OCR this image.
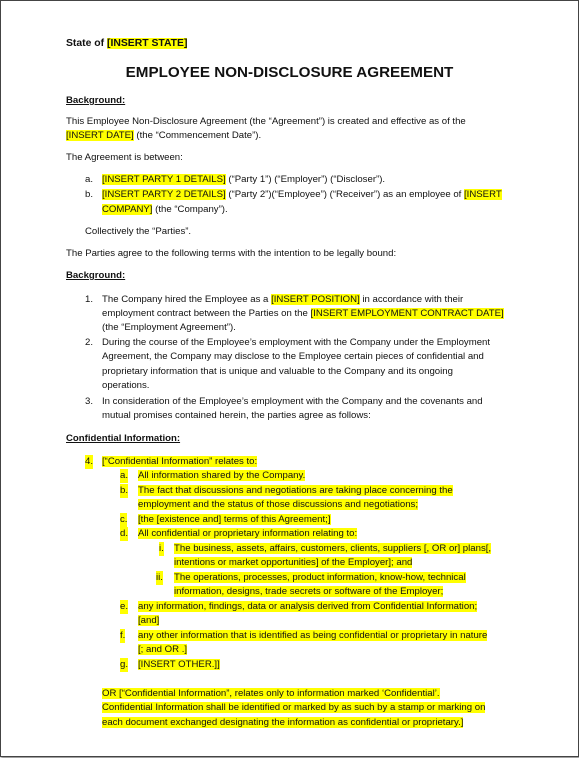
State of [INSERT STATE]
EMPLOYEE NON-DISCLOSURE AGREEMENT
Background:
This Employee Non-Disclosure Agreement (the “Agreement”) is created and effective as of the
[INSERT DATE] (the “Commencement Date”).
The Agreement is between:
a. [INSERT PARTY 1 DETAILS] (“Party 1”) (“Employer”) (“Discloser”).
b. [INSERT PARTY 2 DETAILS] (“Party 2”)(“Employee”) (“Receiver”) as an employee of [INSERT
COMPANY] (the “Company”).
Collectively the “Parties”.
The Parties agree to the following terms with the intention to be legally bound:
Background:
1. The Company hired the Employee as a [INSERT POSITION] in accordance with their
employment contract between the Parties on the [INSERT EMPLOYMENT CONTRACT DATE]
(the “Employment Agreement”).
2. During the course of the Employee’s employment with the Company under the Employment
Agreement, the Company may disclose to the Employee certain pieces of confidential and
proprietary information that is unique and valuable to the Company and its ongoing
operations.
3. In consideration of the Employee’s employment with the Company and the covenants and
mutual promises contained herein, the parties agree as follows:
Confidential Information:
4. [“Confidential Information” relates to:
a. All information shared by the Company.
b. The fact that discussions and negotiations are taking place concerning the
employment and the status of those discussions and negotiations;
c. [the [existence and] terms of this Agreement;]
d. All confidential or proprietary information relating to:
i. The business, assets, affairs, customers, clients, suppliers [, OR or] plans[,
intentions or market opportunities] of the Employer]; and
ii. The operations, processes, product information, know-how, technical
information, designs, trade secrets or software of the Employer;
e. any information, findings, data or analysis derived from Confidential Information;
[and]
f. any other information that is identified as being confidential or proprietary in nature
[; and OR .]
g. [INSERT OTHER.]]
OR [“Confidential Information”, relates only to information marked ‘Confidential’.
Confidential Information shall be identified or marked by as such by a stamp or marking on
each document exchanged designating the information as confidential or proprietary.]
